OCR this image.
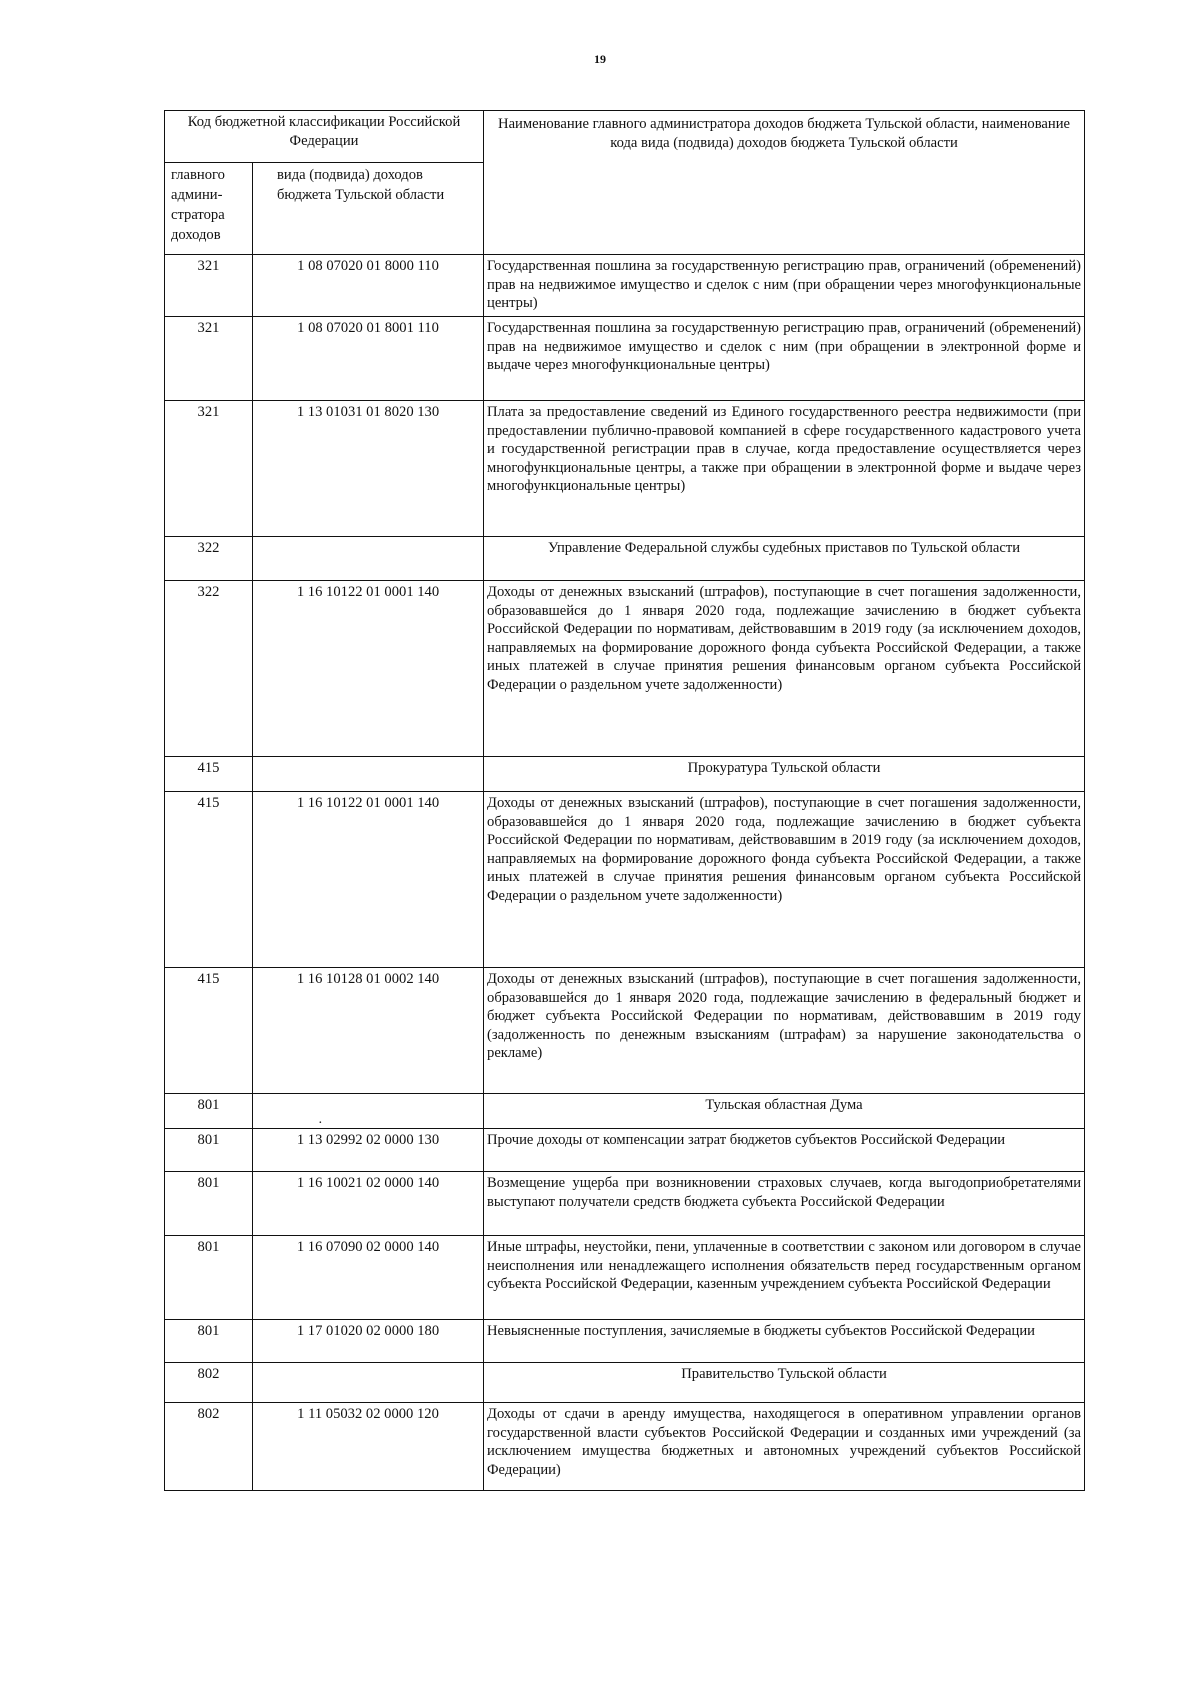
19
Код бюджетной классификации Российской Федерации		Наименование главного администратора доходов бюджета Тульской области, наименование кода вида (подвида) доходов бюджета Тульской области
главного админи-стратора доходов	вида (подвида) доходов бюджета Тульской области	
321	1 08 07020 01 8000 110	Государственная пошлина за государственную регистрацию прав, ограничений (обременений) прав на недвижимое имущество и сделок с ним (при обращении через многофункциональные центры)
321	1 08 07020 01 8001 110	Государственная пошлина за государственную регистрацию прав, ограничений (обременений) прав на недвижимое имущество и сделок с ним (при обращении в электронной форме и выдаче через многофункциональные центры)
321	1 13 01031 01 8020 130	Плата за предоставление сведений из Единого государственного реестра недвижимости (при предоставлении публично-правовой компанией в сфере государственного кадастрового учета и государственной регистрации прав в случае, когда предоставление осуществляется через многофункциональные центры, а также при обращении в электронной форме и выдаче через многофункциональные центры)
322		Управление Федеральной службы судебных приставов по Тульской области
322	1 16 10122 01 0001 140	Доходы от денежных взысканий (штрафов), поступающие в счет погашения задолженности, образовавшейся до 1 января 2020 года, подлежащие зачислению в бюджет субъекта Российской Федерации по нормативам, действовавшим в 2019 году (за исключением доходов, направляемых на формирование дорожного фонда субъекта Российской Федерации, а также иных платежей в случае принятия решения финансовым органом субъекта Российской Федерации о раздельном учете задолженности)
415		Прокуратура Тульской области
415	1 16 10122 01 0001 140	Доходы от денежных взысканий (штрафов), поступающие в счет погашения задолженности, образовавшейся до 1 января 2020 года, подлежащие зачислению в бюджет субъекта Российской Федерации по нормативам, действовавшим в 2019 году (за исключением доходов, направляемых на формирование дорожного фонда субъекта Российской Федерации, а также иных платежей в случае принятия решения финансовым органом субъекта Российской Федерации о раздельном учете задолженности)
415	1 16 10128 01 0002 140	Доходы от денежных взысканий (штрафов), поступающие в счет погашения задолженности, образовавшейся до 1 января 2020 года, подлежащие зачислению в федеральный бюджет и бюджет субъекта Российской Федерации по нормативам, действовавшим в 2019 году (задолженность по денежным взысканиям (штрафам) за нарушение законодательства о рекламе)
801		Тульская областная Дума
801	1 13 02992 02 0000 130	Прочие доходы от компенсации затрат бюджетов субъектов Российской Федерации
801	1 16 10021 02 0000 140	Возмещение ущерба при возникновении страховых случаев, когда выгодоприобретателями выступают получатели средств бюджета субъекта Российской Федерации
801	1 16 07090 02 0000 140	Иные штрафы, неустойки, пени, уплаченные в соответствии с законом или договором в случае неисполнения или ненадлежащего исполнения обязательств перед государственным органом субъекта Российской Федерации, казенным учреждением субъекта Российской Федерации
801	1 17 01020 02 0000 180	Невыясненные поступления, зачисляемые в бюджеты субъектов Российской Федерации
802		Правительство Тульской области
802	1 11 05032 02 0000 120	Доходы от сдачи в аренду имущества, находящегося в оперативном управлении органов государственной власти субъектов Российской Федерации и созданных ими учреждений (за исключением имущества бюджетных и автономных учреждений субъектов Российской Федерации)
·
